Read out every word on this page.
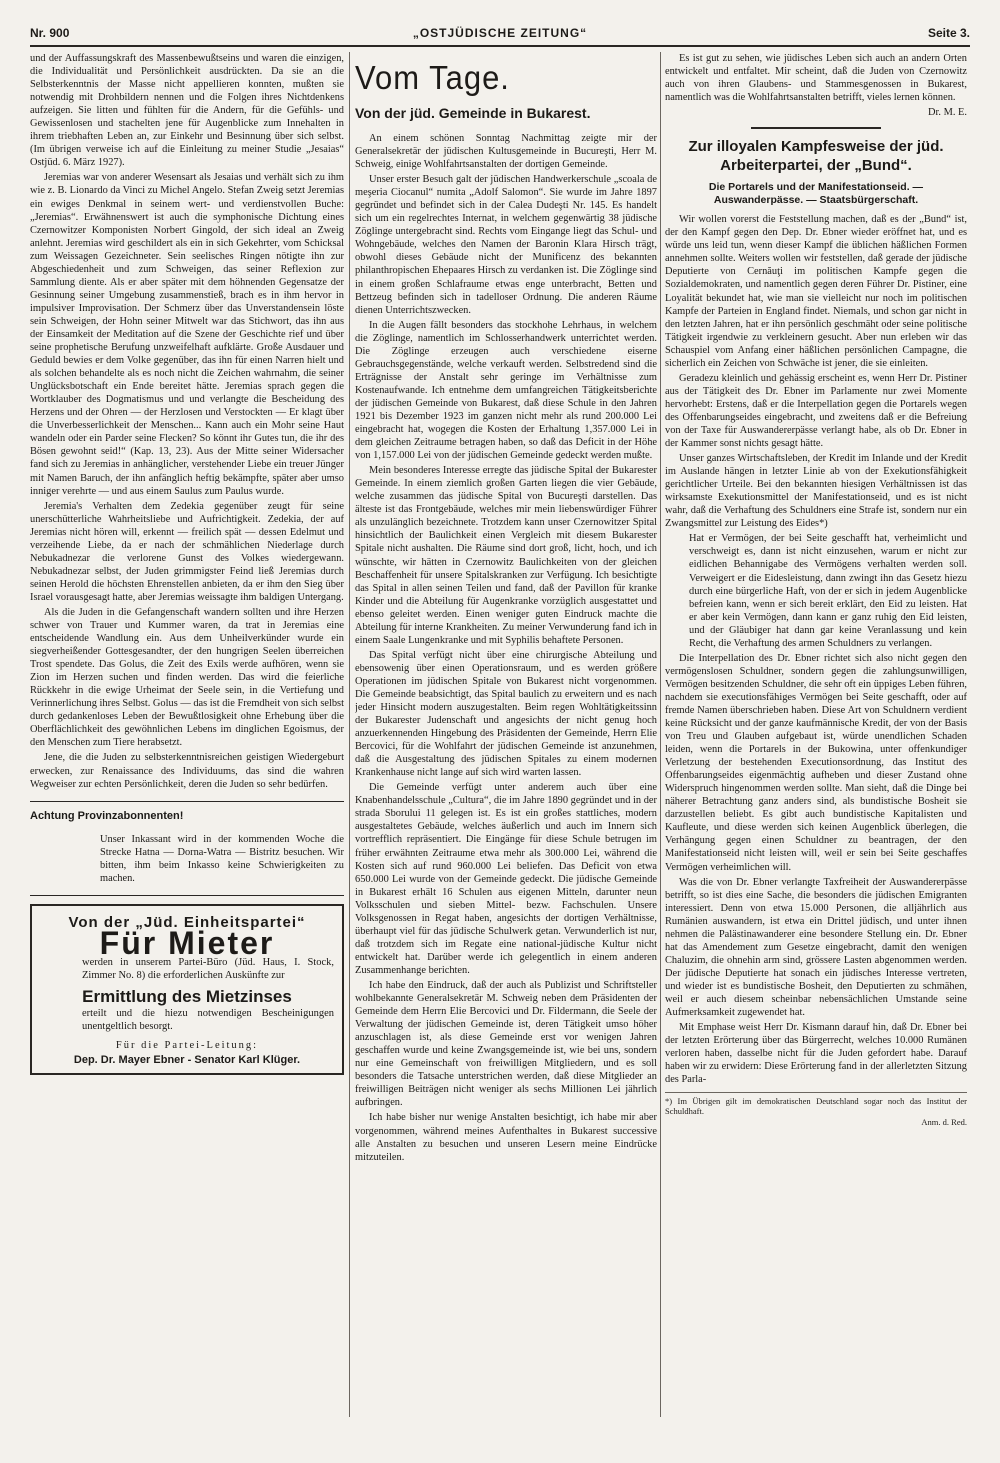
Nr. 900	„OSTJÜDISCHE ZEITUNG“	Seite 3.

und der Auffassungskraft des Massenbewußtseins und waren die einzigen, die Individualität und Persönlichkeit ausdrückten. Da sie an die Selbsterkenntnis der Masse nicht appellieren konnten, mußten sie notwendig mit Drohbildern nennen und die Folgen ihres Nichtdenkens aufzeigen. Sie litten und fühlten für die Andern, für die Gefühls- und Gewissenlosen und stachelten jene für Augenblicke zum Innehalten in ihrem triebhaften Leben an, zur Einkehr und Besinnung über sich selbst. (Im übrigen verweise ich auf die Einleitung zu meiner Studie „Jesaias“ Ostjüd. 6. März 1927).

Jeremias war von anderer Wesensart als Jesaias und verhält sich zu ihm wie z. B. Lionardo da Vinci zu Michel Angelo. Stefan Zweig setzt Jeremias ein ewiges Denkmal in seinem wert- und verdienstvollen Buche: „Jeremias“. Erwähnenswert ist auch die symphonische Dichtung eines Czernowitzer Komponisten Norbert Gingold, der sich ideal an Zweig anlehnt. Jeremias wird geschildert als ein in sich Gekehrter, vom Schicksal zum Weissagen Gezeichneter. Sein seelisches Ringen nötigte ihn zur Abgeschiedenheit und zum Schweigen, das seiner Reflexion zur Sammlung diente. Als er aber später mit dem höhnenden Gegensatze der Gesinnung seiner Umgebung zusammenstieß, brach es in ihm hervor in impulsiver Improvisation. Der Schmerz über das Unverstandensein löste sein Schweigen, der Hohn seiner Mitwelt war das Stichwort, das ihn aus der Einsamkeit der Meditation auf die Szene der Geschichte rief und über seine prophetische Berufung unzweifelhaft aufklärte. Große Ausdauer und Geduld bewies er dem Volke gegenüber, das ihn für einen Narren hielt und als solchen behandelte als es noch nicht die Zeichen wahrnahm, die seiner Unglücksbotschaft ein Ende bereitet hätte. Jeremias sprach gegen die Wortklauber des Dogmatismus und und verlangte die Bescheidung des Herzens und der Ohren — der Herzlosen und Verstockten — Er klagt über die Unverbesserlichkeit der Menschen... Kann auch ein Mohr seine Haut wandeln oder ein Parder seine Flecken? So könnt ihr Gutes tun, die ihr des Bösen gewohnt seid!“ (Kap. 13, 23). Aus der Mitte seiner Widersacher fand sich zu Jeremias in anhänglicher, verstehender Liebe ein treuer Jünger mit Namen Baruch, der ihn anfänglich heftig bekämpfte, später aber umso inniger verehrte — und aus einem Saulus zum Paulus wurde.

Jeremia's Verhalten dem Zedekia gegenüber zeugt für seine unerschütterliche Wahrheitsliebe und Aufrichtigkeit. Zedekia, der auf Jeremias nicht hören will, erkennt — freilich spät — dessen Edelmut und verzeihende Liebe, da er nach der schmählichen Niederlage durch Nebukadnezar die verlorene Gunst des Volkes wiedergewann. Nebukadnezar selbst, der Juden grimmigster Feind ließ Jeremias durch seinen Herold die höchsten Ehrenstellen anbieten, da er ihm den Sieg über Israel vorausgesagt hatte, aber Jeremias weissagte ihm baldigen Untergang.

Als die Juden in die Gefangenschaft wandern sollten und ihre Herzen schwer von Trauer und Kummer waren, da trat in Jeremias eine entscheidende Wandlung ein. Aus dem Unheilverkünder wurde ein siegverheißender Gottesgesandter, der den hungrigen Seelen überreichen Trost spendete. Das Golus, die Zeit des Exils werde aufhören, wenn sie Zion im Herzen suchen und finden werden. Das wird die feierliche Rückkehr in die ewige Urheimat der Seele sein, in die Vertiefung und Verinnerlichung ihres Selbst. Golus — das ist die Fremdheit von sich selbst durch gedankenloses Leben der Bewußtlosigkeit ohne Erhebung über die Oberflächlichkeit des gewöhnlichen Lebens im dinglichen Egoismus, der den Menschen zum Tiere herabsetzt.

Jene, die die Juden zu selbsterkenntnisreichen geistigen Wiedergeburt erwecken, zur Renaissance des Individuums, das sind die wahren Wegweiser zur echten Persönlichkeit, deren die Juden so sehr bedürfen.

Achtung Provinzabonnenten!
Unser Inkassant wird in der kommenden Woche die Strecke Hatna — Dorna-Watra — Bistritz besuchen. Wir bitten, ihm beim Inkasso keine Schwierigkeiten zu machen.
Von der „Jüd. Einheitspartei“
Für Mieter
werden in unserem Partei-Büro (Jüd. Haus, I. Stock, Zimmer No. 8) die erforderlichen Auskünfte zur
Ermittlung des Mietzinses
erteilt und die hiezu notwendigen Bescheinigungen unentgeltlich besorgt.
Für die Partei-Leitung:
Dep. Dr. Mayer Ebner - Senator Karl Klüger.
Vom Tage.
Von der jüd. Gemeinde in Bukarest.

An einem schönen Sonntag Nachmittag zeigte mir der Generalsekretär der jüdischen Kultusgemeinde in Bucureşti, Herr M. Schweig, einige Wohlfahrtsanstalten der dortigen Gemeinde.

Unser erster Besuch galt der jüdischen Handwerkerschule „scoala de meşeria Ciocanul“ numita „Adolf Salomon“. Sie wurde im Jahre 1897 gegründet und befindet sich in der Calea Dudeşti Nr. 145. Es handelt sich um ein regelrechtes Internat, in welchem gegenwärtig 38 jüdische Zöglinge untergebracht sind. Rechts vom Eingange liegt das Schul- und Wohngebäude, welches den Namen der Baronin Klara Hirsch trägt, obwohl dieses Gebäude nicht der Munificenz des bekannten philanthropischen Ehepaares Hirsch zu verdanken ist. Die Zöglinge sind in einem großen Schlafraume etwas enge unterbracht, Betten und Bettzeug befinden sich in tadelloser Ordnung. Die anderen Räume dienen Unterrichtszwecken.

In die Augen fällt besonders das stockhohe Lehrhaus, in welchem die Zöglinge, namentlich im Schlosserhandwerk unterrichtet werden. Die Zöglinge erzeugen auch verschiedene eiserne Gebrauchsgegenstände, welche verkauft werden. Selbstredend sind die Erträgnisse der Anstalt sehr geringe im Verhältnisse zum Kostenaufwande. Ich entnehme dem umfangreichen Tätigkeitsberichte der jüdischen Gemeinde von Bukarest, daß diese Schule in den Jahren 1921 bis Dezember 1923 im ganzen nicht mehr als rund 200.000 Lei eingebracht hat, wogegen die Kosten der Erhaltung 1,357.000 Lei in dem gleichen Zeitraume betragen haben, so daß das Deficit in der Höhe von 1,157.000 Lei von der jüdischen Gemeinde gedeckt werden mußte.

Mein besonderes Interesse erregte das jüdische Spital der Bukarester Gemeinde. In einem ziemlich großen Garten liegen die vier Gebäude, welche zusammen das jüdische Spital von Bucureşti darstellen. Das älteste ist das Frontgebäude, welches mir mein liebenswürdiger Führer als unzulänglich bezeichnete. Trotzdem kann unser Czernowitzer Spital hinsichtlich der Baulichkeit einen Vergleich mit diesem Bukarester Spitale nicht aushalten. Die Räume sind dort groß, licht, hoch, und ich wünschte, wir hätten in Czernowitz Baulichkeiten von der gleichen Beschaffenheit für unsere Spitalskranken zur Verfügung. Ich besichtigte das Spital in allen seinen Teilen und fand, daß der Pavillon für kranke Kinder und die Abteilung für Augenkranke vorzüglich ausgestattet und ebenso geleitet werden. Einen weniger guten Eindruck machte die Abteilung für interne Krankheiten. Zu meiner Verwunderung fand ich in einem Saale Lungenkranke und mit Syphilis behaftete Personen.

Das Spital verfügt nicht über eine chirurgische Abteilung und ebensowenig über einen Operationsraum, und es werden größere Operationen im jüdischen Spitale von Bukarest nicht vorgenommen. Die Gemeinde beabsichtigt, das Spital baulich zu erweitern und es nach jeder Hinsicht modern auszugestalten. Beim regen Wohltätigkeitssinn der Bukarester Judenschaft und angesichts der nicht genug hoch anzuerkennenden Hingebung des Präsidenten der Gemeinde, Herrn Elie Bercovici, für die Wohlfahrt der jüdischen Gemeinde ist anzunehmen, daß die Ausgestaltung des jüdischen Spitales zu einem modernen Krankenhause nicht lange auf sich wird warten lassen.

Die Gemeinde verfügt unter anderem auch über eine Knabenhandelsschule „Cultura“, die im Jahre 1890 gegründet und in der strada Sborului 11 gelegen ist. Es ist ein großes stattliches, modern ausgestaltetes Gebäude, welches äußerlich und auch im Innern sich vortrefflich repräsentiert. Die Eingänge für diese Schule betrugen im früher erwähnten Zeitraume etwa mehr als 300.000 Lei, während die Kosten sich auf rund 960.000 Lei beliefen. Das Deficit von etwa 650.000 Lei wurde von der Gemeinde gedeckt. Die jüdische Gemeinde in Bukarest erhält 16 Schulen aus eigenen Mitteln, darunter neun Volksschulen und sieben Mittel- bezw. Fachschulen. Unsere Volksgenossen in Regat haben, angesichts der dortigen Verhältnisse, überhaupt viel für das jüdische Schulwerk getan. Verwunderlich ist nur, daß trotzdem sich im Regate eine national-jüdische Kultur nicht entwickelt hat. Darüber werde ich gelegentlich in einem anderen Zusammenhange berichten.

Ich habe den Eindruck, daß der auch als Publizist und Schriftsteller wohlbekannte Generalsekretär M. Schweig neben dem Präsidenten der Gemeinde dem Herrn Elie Bercovici und Dr. Fildermann, die Seele der Verwaltung der jüdischen Gemeinde ist, deren Tätigkeit umso höher anzuschlagen ist, als diese Gemeinde erst vor wenigen Jahren geschaffen wurde und keine Zwangsgemeinde ist, wie bei uns, sondern nur eine Gemeinschaft von freiwilligen Mitgliedern, und es soll besonders die Tatsache unterstrichen werden, daß diese Mitglieder an freiwilligen Beiträgen nicht weniger als sechs Millionen Lei jährlich aufbringen.

Ich habe bisher nur wenige Anstalten besichtigt, ich habe mir aber vorgenommen, während meines Aufenthaltes in Bukarest successive alle Anstalten zu besuchen und unseren Lesern meine Eindrücke mitzuteilen.

Es ist gut zu sehen, wie jüdisches Leben sich auch an andern Orten entwickelt und entfaltet. Mir scheint, daß die Juden von Czernowitz auch von ihren Glaubens- und Stammesgenossen in Bukarest, namentlich was die Wohlfahrtsanstalten betrifft, vieles lernen können.

Dr. M. E.
Zur illoyalen Kampfesweise der jüd. Arbeiterpartei, der „Bund“.
Die Portarels und der Manifestationseid. — Auswanderpässe. — Staatsbürgerschaft.

Wir wollen vorerst die Feststellung machen, daß es der „Bund“ ist, der den Kampf gegen den Dep. Dr. Ebner wieder eröffnet hat, und es würde uns leid tun, wenn dieser Kampf die üblichen häßlichen Formen annehmen sollte. Weiters wollen wir feststellen, daß gerade der jüdische Deputierte von Cernăuţi im politischen Kampfe gegen die Sozialdemokraten, und namentlich gegen deren Führer Dr. Pistiner, eine Loyalität bekundet hat, wie man sie vielleicht nur noch im politischen Kampfe der Parteien in England findet. Niemals, und schon gar nicht in den letzten Jahren, hat er ihn persönlich geschmäht oder seine politische Tätigkeit irgendwie zu verkleinern gesucht. Aber nun erleben wir das Schauspiel vom Anfang einer häßlichen persönlichen Campagne, die sicherlich ein Zeichen von Schwäche ist jener, die sie einleiten.

Geradezu kleinlich und gehässig erscheint es, wenn Herr Dr. Pistiner aus der Tätigkeit des Dr. Ebner im Parlamente nur zwei Momente hervorhebt: Erstens, daß er die Interpellation gegen die Portarels wegen des Offenbarungseides eingebracht, und zweitens daß er die Befreiung von der Taxe für Auswandererpässe verlangt habe, als ob Dr. Ebner in der Kammer sonst nichts gesagt hätte.

Unser ganzes Wirtschaftsleben, der Kredit im Inlande und der Kredit im Auslande hängen in letzter Linie ab von der Exekutionsfähigkeit gerichtlicher Urteile. Bei den bekannten hiesigen Verhältnissen ist das wirksamste Exekutionsmittel der Manifestationseid, und es ist nicht wahr, daß die Verhaftung des Schuldners eine Strafe ist, sondern nur ein Zwangsmittel zur Leistung des Eides*)

Hat er Vermögen, der bei Seite geschafft hat, verheimlicht und verschweigt es, dann ist nicht einzusehen, warum er nicht zur eidlichen Behannigabe des Vermögens verhalten werden soll. Verweigert er die Eidesleistung, dann zwingt ihn das Gesetz hiezu durch eine bürgerliche Haft, von der er sich in jedem Augenblicke befreien kann, wenn er sich bereit erklärt, den Eid zu leisten. Hat er aber kein Vermögen, dann kann er ganz ruhig den Eid leisten, und der Gläubiger hat dann gar keine Veranlassung und kein Recht, die Verhaftung des armen Schuldners zu verlangen.

Die Interpellation des Dr. Ebner richtet sich also nicht gegen den vermögenslosen Schuldner, sondern gegen die zahlungsunwilligen, Vermögen besitzenden Schuldner, die sehr oft ein üppiges Leben führen, nachdem sie executionsfähiges Vermögen bei Seite geschafft, oder auf fremde Namen überschrieben haben. Diese Art von Schuldnern verdient keine Rücksicht und der ganze kaufmännische Kredit, der von der Basis von Treu und Glauben aufgebaut ist, würde unendlichen Schaden leiden, wenn die Portarels in der Bukowina, unter offenkundiger Verletzung der bestehenden Executionsordnung, das Institut des Offenbarungseides eigenmächtig aufheben und dieser Zustand ohne Widerspruch hingenommen werden sollte. Man sieht, daß die Dinge bei näherer Betrachtung ganz anders sind, als bundistische Bosheit sie darzustellen beliebt. Es gibt auch bundistische Kapitalisten und Kaufleute, und diese werden sich keinen Augenblick überlegen, die Verhängung gegen einen Schuldner zu beantragen, der den Manifestationseid nicht leisten will, weil er sein bei Seite geschaffes Vermögen verheimlichen will.

Was die von Dr. Ebner verlangte Taxfreiheit der Auswandererpässe betrifft, so ist dies eine Sache, die besonders die jüdischen Emigranten interessiert. Denn von etwa 15.000 Personen, die alljährlich aus Rumänien auswandern, ist etwa ein Drittel jüdisch, und unter ihnen nehmen die Palästinawanderer eine besondere Stellung ein. Dr. Ebner hat das Amendement zum Gesetze eingebracht, damit den wenigen Chaluzim, die ohnehin arm sind, grössere Lasten abgenommen werden. Der jüdische Deputierte hat sonach ein jüdisches Interesse vertreten, und wieder ist es bundistische Bosheit, den Deputierten zu schmähen, weil er auch diesem scheinbar nebensächlichen Umstande seine Aufmerksamkeit zugewendet hat.

Mit Emphase weist Herr Dr. Kismann darauf hin, daß Dr. Ebner bei der letzten Erörterung über das Bürgerrecht, welches 10.000 Rumänen verloren haben, dasselbe nicht für die Juden gefordert habe. Darauf haben wir zu erwidern: Diese Erörterung fand in der allerletzten Sitzung des Parla-

*) Im Übrigen gilt im demokratischen Deutschland sogar noch das Institut der Schuldhaft.
Anm. d. Red.
